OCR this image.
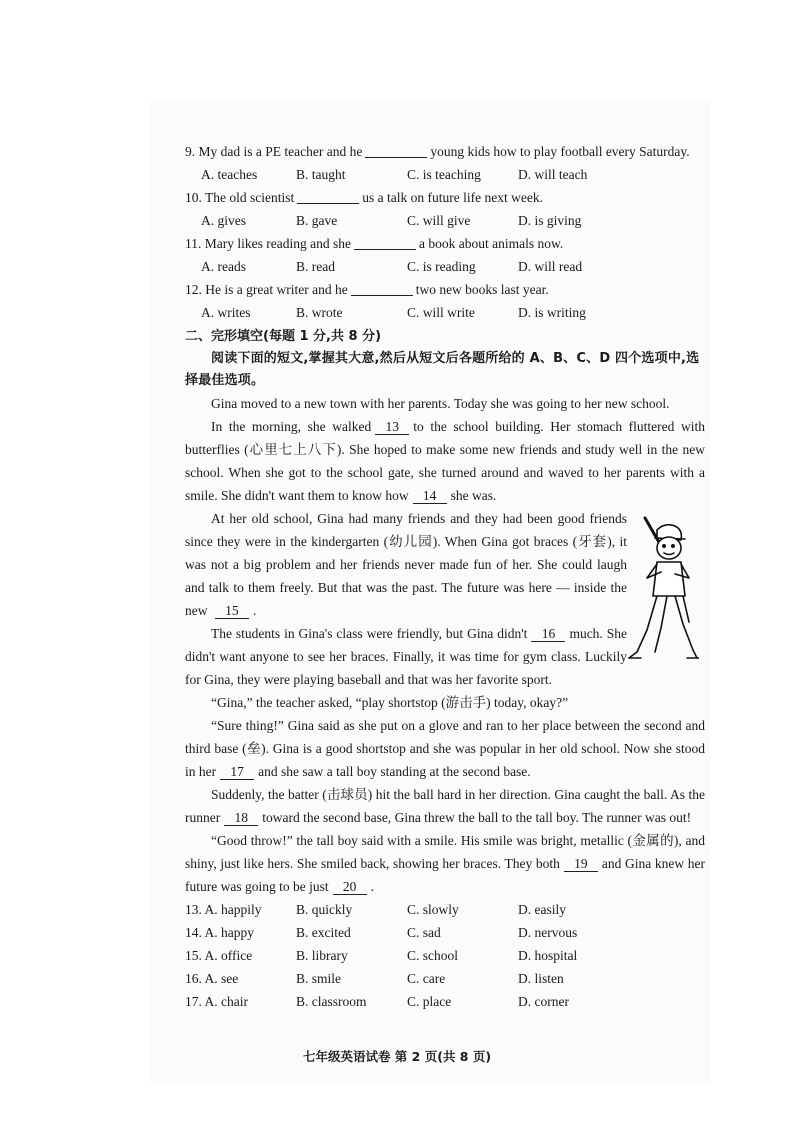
9. My dad is a PE teacher and he	young kids how to play football every Saturday.
A. teaches	B. taught	C. is teaching	D. will teach
10. The old scientist	us a talk on future life next week.
A. gives	B. gave	C. will give	D. is giving
11. Mary likes reading and she	a book about animals now.
A. reads	B. read	C. is reading	D. will read
12. He is a great writer and he	two new books last year.
A. writes	B. wrote	C. will write	D. is writing
二、完形填空(每题 1 分,共 8 分)
阅读下面的短文,掌握其大意,然后从短文后各题所给的 A、B、C、D 四个选项中,选择最佳选项。
Gina moved to a new town with her parents. Today she was going to her new school.
In the morning, she walked 13 to the school building. Her stomach fluttered with butterflies (心里七上八下). She hoped to make some new friends and study well in the new school. When she got to the school gate, she turned around and waved to her parents with a smile. She didn't want them to know how 14 she was.
At her old school, Gina had many friends and they had been good friends since they were in the kindergarten (幼儿园). When Gina got braces (牙套), it was not a big problem and her friends never made fun of her. She could laugh and talk to them freely. But that was the past. The future was here — inside the new 15 .
The students in Gina's class were friendly, but Gina didn't 16 much. She didn't want anyone to see her braces. Finally, it was time for gym class. Luckily for Gina, they were playing baseball and that was her favorite sport.
“Gina,” the teacher asked, “play shortstop (游击手) today, okay?”
“Sure thing!” Gina said as she put on a glove and ran to her place between the second and third base (垒). Gina is a good shortstop and she was popular in her old school. Now she stood in her 17 and she saw a tall boy standing at the second base.
Suddenly, the batter (击球员) hit the ball hard in her direction. Gina caught the ball. As the runner 18 toward the second base, Gina threw the ball to the tall boy. The runner was out!
“Good throw!” the tall boy said with a smile. His smile was bright, metallic (金属的), and shiny, just like hers. She smiled back, showing her braces. They both 19 and Gina knew her future was going to be just 20 .
13. A. happily	B. quickly	C. slowly	D. easily
14. A. happy	B. excited	C. sad	D. nervous
15. A. office	B. library	C. school	D. hospital
16. A. see	B. smile	C. care	D. listen
17. A. chair	B. classroom	C. place	D. corner
七年级英语试卷 第 2 页(共 8 页)
